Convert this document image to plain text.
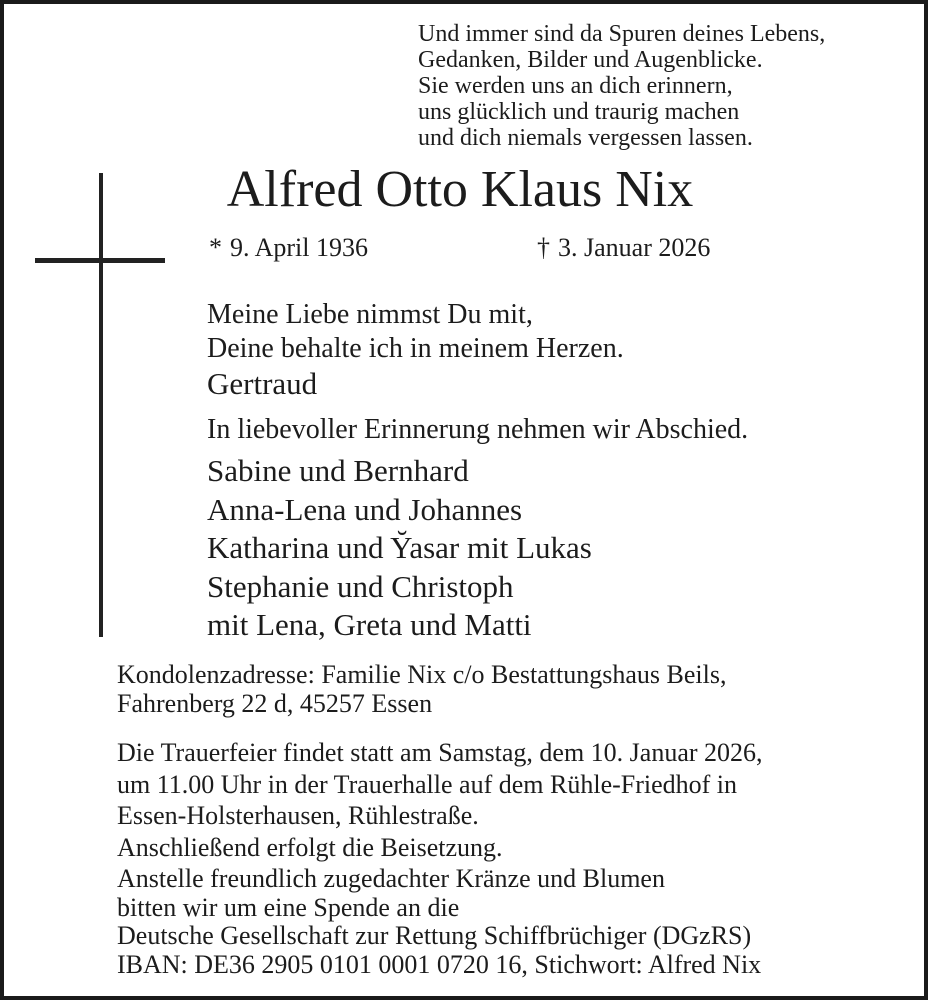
Und immer sind da Spuren deines Lebens,
Gedanken, Bilder und Augenblicke.
Sie werden uns an dich erinnern,
uns glücklich und traurig machen
und dich niemals vergessen lassen.
Alfred Otto Klaus Nix
* 9. April 1936	† 3. Januar 2026
Meine Liebe nimmst Du mit,
Deine behalte ich in meinem Herzen.
Gertraud
In liebevoller Erinnerung nehmen wir Abschied.
Sabine und Bernhard
Anna-Lena und Johannes
Katharina und Y̆asar mit Lukas
Stephanie und Christoph
mit Lena, Greta und Matti
Kondolenzadresse: Familie Nix c/o Bestattungshaus Beils,
Fahrenberg 22 d, 45257 Essen
Die Trauerfeier findet statt am Samstag, dem 10. Januar 2026,
um 11.00 Uhr in der Trauerhalle auf dem Rühle-Friedhof in
Essen-Holsterhausen, Rühlestraße.
Anschließend erfolgt die Beisetzung.
Anstelle freundlich zugedachter Kränze und Blumen
bitten wir um eine Spende an die
Deutsche Gesellschaft zur Rettung Schiffbrüchiger (DGzRS)
IBAN: DE36 2905 0101 0001 0720 16, Stichwort: Alfred Nix
